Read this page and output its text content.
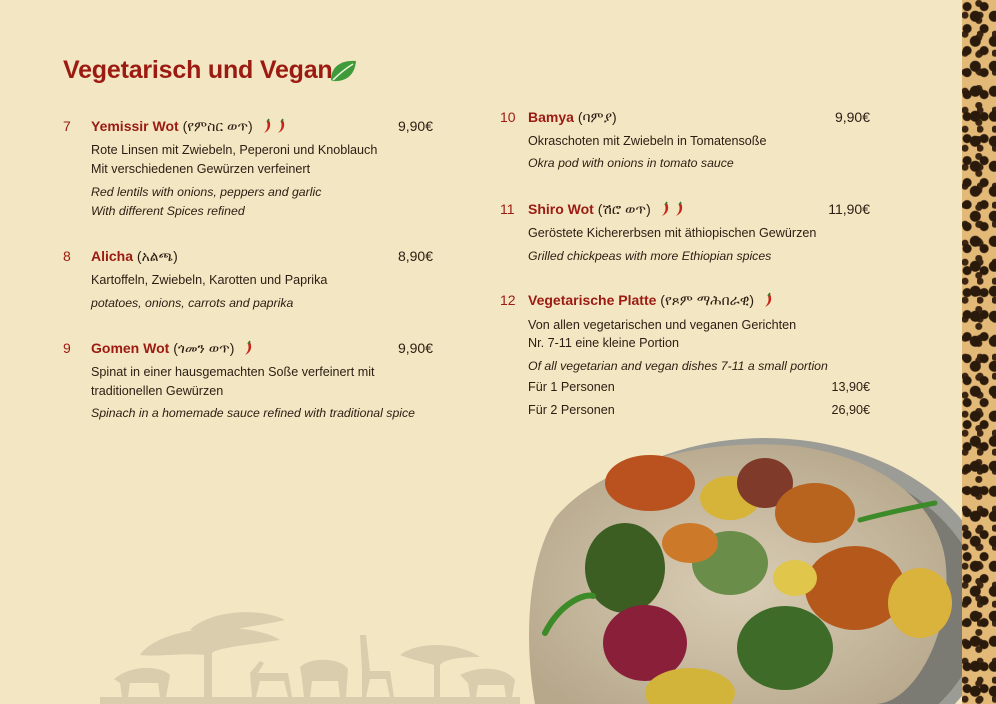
Vegetarisch und Vegan
7 Yemissir Wot (የምስር ወጥ)	9,90€
Rote Linsen mit Zwiebeln, Peperoni und Knoblauch
Mit verschiedenen Gewürzen verfeinert
Red lentils with onions, peppers and garlic
With different Spices refined
8 Alicha (አልጫ)	8,90€
Kartoffeln, Zwiebeln, Karotten und Paprika
potatoes, onions, carrots and paprika
9 Gomen Wot (ጎመን ወጥ)	9,90€
Spinat in einer hausgemachten Soße verfeinert mit
traditionellen Gewürzen
Spinach in a homemade sauce refined with traditional spice
10 Bamya (ባምያ)	9,90€
Okraschoten mit Zwiebeln in Tomatensoße
Okra pod with onions in tomato sauce
11 Shiro Wot (ሽሮ ወጥ)	11,90€
Geröstete Kichererbsen mit äthiopischen Gewürzen
Grilled chickpeas with more Ethiopian spices
12 Vegetarische Platte (የጾም ማሕበራዊ)
Von allen vegetarischen und veganen Gerichten
Nr. 7-11 eine kleine Portion
Of all vegetarian and vegan dishes 7-11 a small portion
Für 1 Personen	13,90€
Für 2 Personen	26,90€
